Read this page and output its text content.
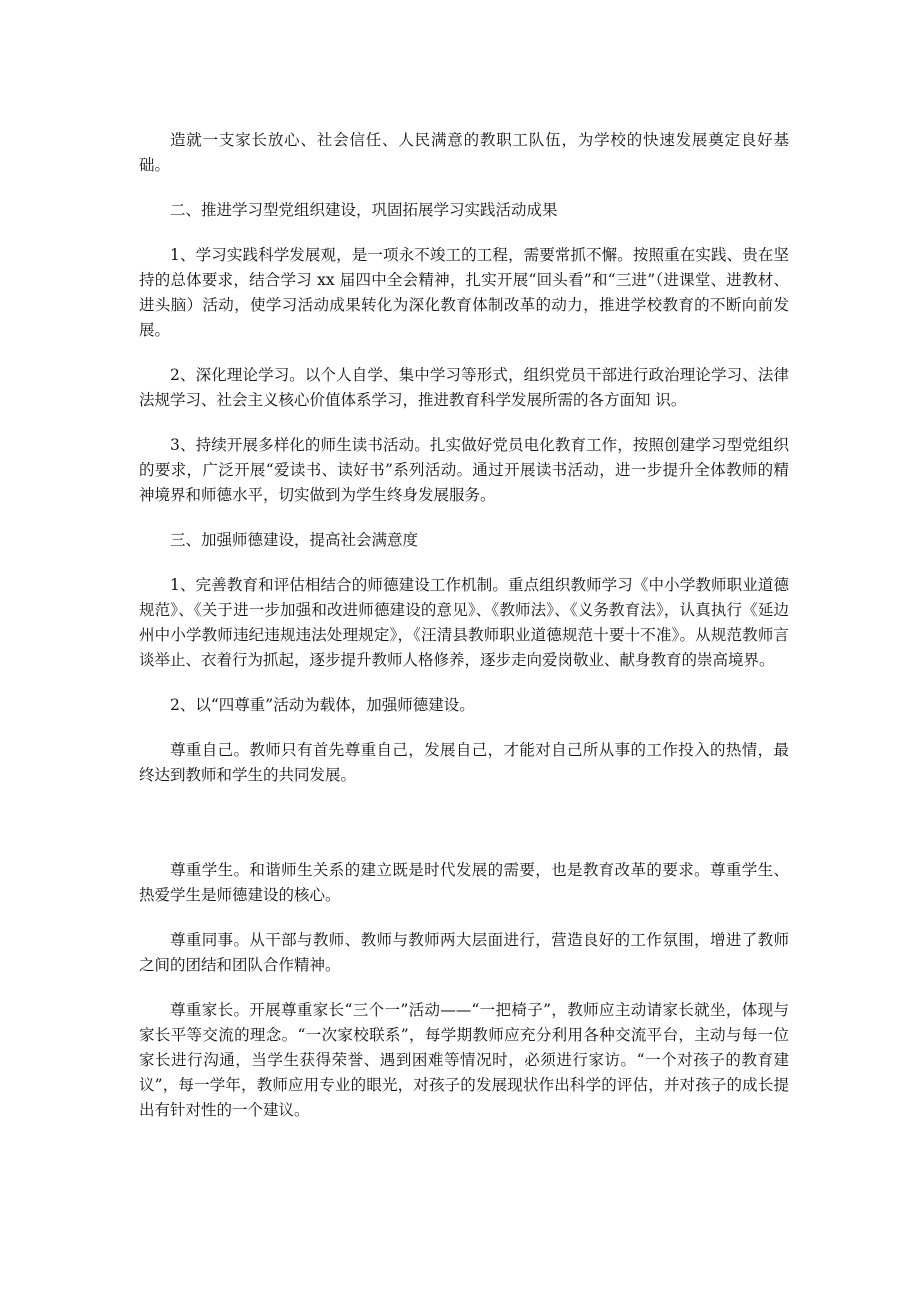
造就一支家长放心、社会信任、人民满意的教职工队伍，为学校的快速发展奠定良好基础。

二、推进学习型党组织建设，巩固拓展学习实践活动成果

1、学习实践科学发展观，是一项永不竣工的工程，需要常抓不懈。按照重在实践、贵在坚持的总体要求，结合学习 xx 届四中全会精神，扎实开展“回头看”和“三进”（进课堂、进教材、进头脑）活动，使学习活动成果转化为深化教育体制改革的动力，推进学校教育的不断向前发展。

2、深化理论学习。以个人自学、集中学习等形式，组织党员干部进行政治理论学习、法律法规学习、社会主义核心价值体系学习，推进教育科学发展所需的各方面知 识。

3、持续开展多样化的师生读书活动。扎实做好党员电化教育工作，按照创建学习型党组织的要求，广泛开展“爱读书、读好书”系列活动。通过开展读书活动，进一步提升全体教师的精神境界和师德水平，切实做到为学生终身发展服务。

三、加强师德建设，提高社会满意度

1、完善教育和评估相结合的师德建设工作机制。重点组织教师学习《中小学教师职业道德规范》、《关于进一步加强和改进师德建设的意见》、《教师法》、《义务教育法》，认真执行《延边州中小学教师违纪违规违法处理规定》，《汪清县教师职业道德规范十要十不准》。从规范教师言谈举止、衣着行为抓起，逐步提升教师人格修养，逐步走向爱岗敬业、献身教育的崇高境界。

2、以“四尊重”活动为载体，加强师德建设。

尊重自己。教师只有首先尊重自己，发展自己，才能对自己所从事的工作投入的热情，最终达到教师和学生的共同发展。

尊重学生。和谐师生关系的建立既是时代发展的需要，也是教育改革的要求。尊重学生、热爱学生是师德建设的核心。

尊重同事。从干部与教师、教师与教师两大层面进行，营造良好的工作氛围，增进了教师之间的团结和团队合作精神。

尊重家长。开展尊重家长“三个一”活动——“一把椅子”，教师应主动请家长就坐，体现与家长平等交流的理念。“一次家校联系”，每学期教师应充分利用各种交流平台，主动与每一位家长进行沟通，当学生获得荣誉、遇到困难等情况时，必须进行家访。“一个对孩子的教育建议”，每一学年，教师应用专业的眼光，对孩子的发展现状作出科学的评估，并对孩子的成长提出有针对性的一个建议。
